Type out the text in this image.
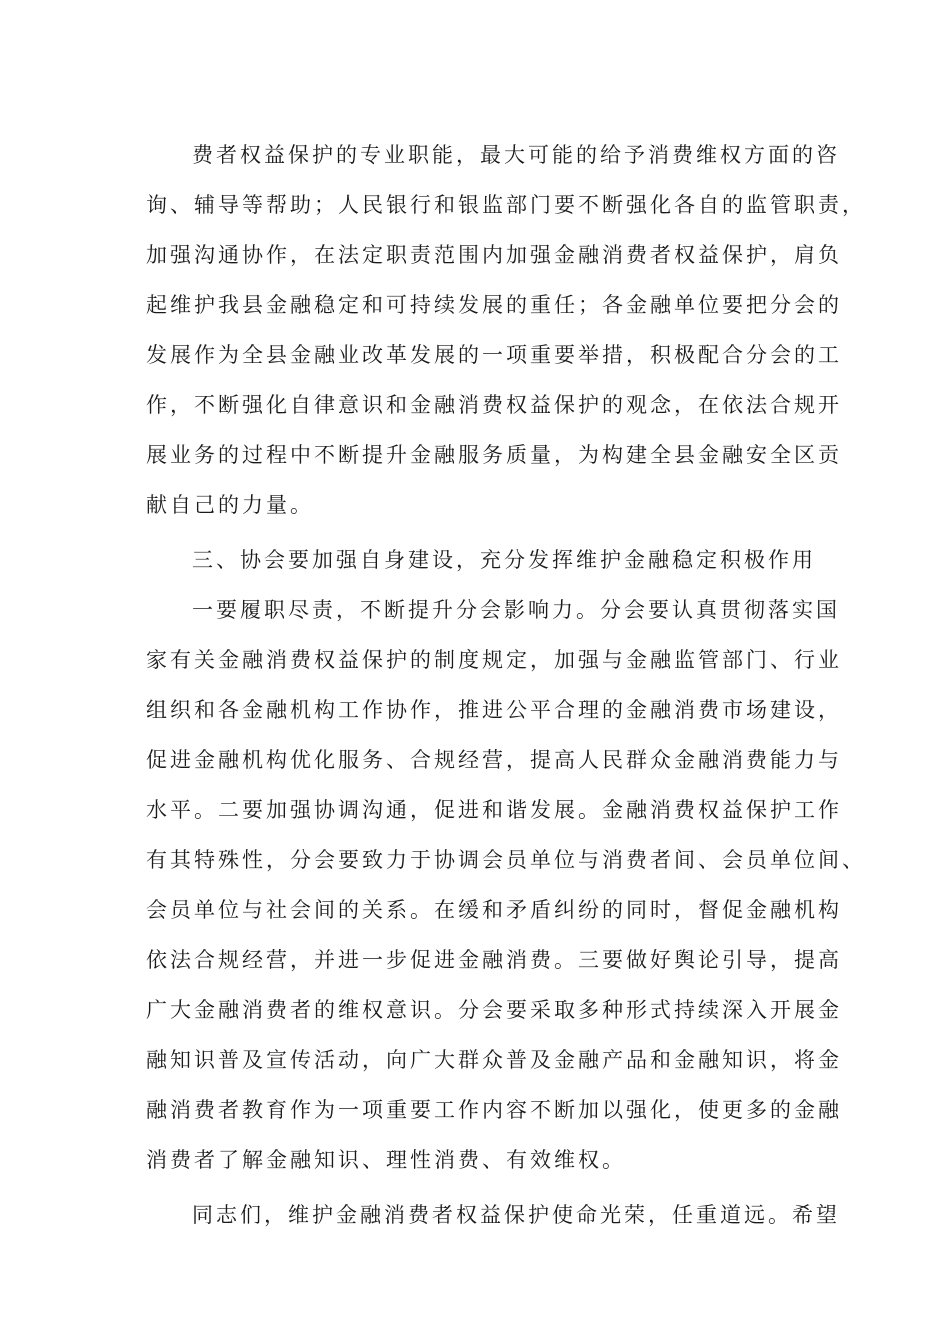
费者权益保护的专业职能，最大可能的给予消费维权方面的咨
询、辅导等帮助；人民银行和银监部门要不断强化各自的监管职责，
加强沟通协作，在法定职责范围内加强金融消费者权益保护，肩负
起维护我县金融稳定和可持续发展的重任；各金融单位要把分会的
发展作为全县金融业改革发展的一项重要举措，积极配合分会的工
作，不断强化自律意识和金融消费权益保护的观念，在依法合规开
展业务的过程中不断提升金融服务质量，为构建全县金融安全区贡
献自己的力量。
三、协会要加强自身建设，充分发挥维护金融稳定积极作用
一要履职尽责，不断提升分会影响力。分会要认真贯彻落实国
家有关金融消费权益保护的制度规定，加强与金融监管部门、行业
组织和各金融机构工作协作，推进公平合理的金融消费市场建设，
促进金融机构优化服务、合规经营，提高人民群众金融消费能力与
水平。二要加强协调沟通，促进和谐发展。金融消费权益保护工作
有其特殊性，分会要致力于协调会员单位与消费者间、会员单位间、
会员单位与社会间的关系。在缓和矛盾纠纷的同时，督促金融机构
依法合规经营，并进一步促进金融消费。三要做好舆论引导，提高
广大金融消费者的维权意识。分会要采取多种形式持续深入开展金
融知识普及宣传活动，向广大群众普及金融产品和金融知识，将金
融消费者教育作为一项重要工作内容不断加以强化，使更多的金融
消费者了解金融知识、理性消费、有效维权。
同志们，维护金融消费者权益保护使命光荣，任重道远。希望
